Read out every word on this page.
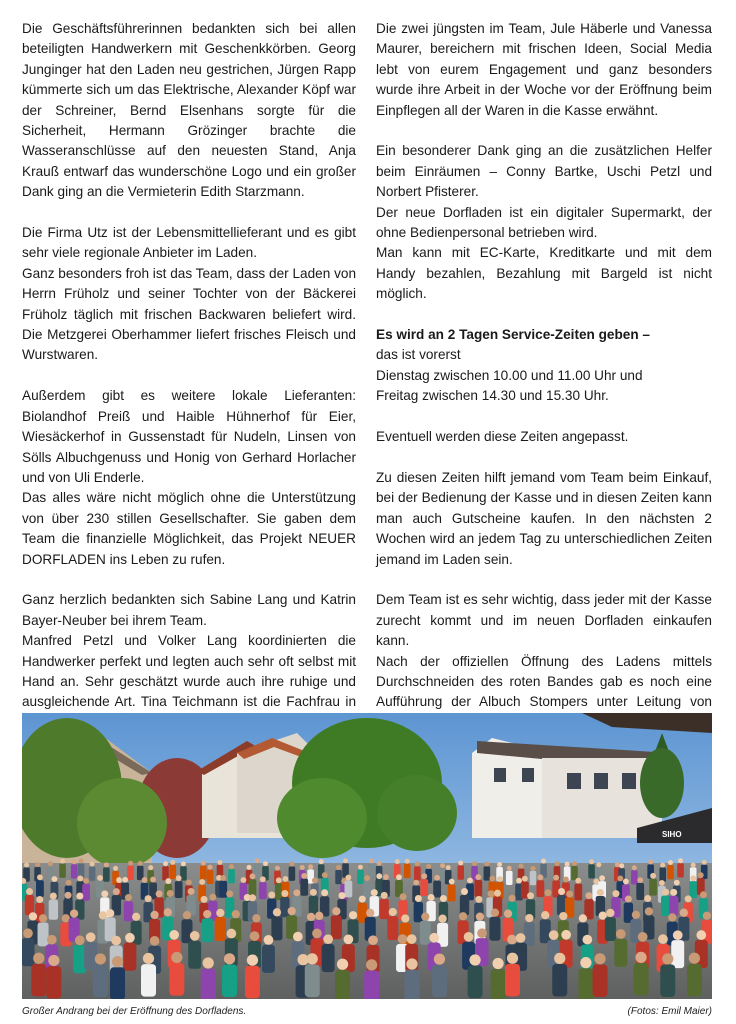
Die Geschäftsführerinnen bedankten sich bei allen beteiligten Handwerkern mit Geschenkkörben. Georg Junginger hat den Laden neu gestrichen, Jürgen Rapp kümmerte sich um das Elektrische, Alexander Köpf war der Schreiner, Bernd Elsenhans sorgte für die Sicherheit, Hermann Grözinger brachte die Wasseranschlüsse auf den neuesten Stand, Anja Krauß entwarf das wunderschöne Logo und ein großer Dank ging an die Vermieterin Edith Starzmann.

Die Firma Utz ist der Lebensmittellieferant und es gibt sehr viele regionale Anbieter im Laden.

Ganz besonders froh ist das Team, dass der Laden von Herrn Früholz und seiner Tochter von der Bäckerei Früholz täglich mit frischen Backwaren beliefert wird. Die Metzgerei Oberhammer liefert frisches Fleisch und Wurstwaren.

Außerdem gibt es weitere lokale Lieferanten: Biolandhof Preiß und Haible Hühnerhof für Eier, Wiesäckerhof in Gussenstadt für Nudeln, Linsen von Sölls Albuchgenuss und Honig von Gerhard Horlacher und von Uli Enderle.

Das alles wäre nicht möglich ohne die Unterstützung von über 230 stillen Gesellschafter. Sie gaben dem Team die finanzielle Möglichkeit, das Projekt NEUER DORFLADEN ins Leben zu rufen.

Ganz herzlich bedankten sich Sabine Lang und Katrin Bayer-Neuber bei ihrem Team.

Manfred Petzl und Volker Lang koordinierten die Handwerker perfekt und legten auch sehr oft selbst mit Hand an. Sehr geschätzt wurde auch ihre ruhige und ausgleichende Art. Tina Teichmann ist die Fachfrau in

Die zwei jüngsten im Team, Jule Häberle und Vanessa Maurer, bereichern mit frischen Ideen, Social Media lebt von eurem Engagement und ganz besonders wurde ihre Arbeit in der Woche vor der Eröffnung beim Einpflegen all der Waren in die Kasse erwähnt.

Ein besonderer Dank ging an die zusätzlichen Helfer beim Einräumen – Conny Bartke, Uschi Petzl und Norbert Pfisterer.

Der neue Dorfladen ist ein digitaler Supermarkt, der ohne Bedienpersonal betrieben wird.

Man kann mit EC-Karte, Kreditkarte und mit dem Handy bezahlen, Bezahlung mit Bargeld ist nicht möglich.

Es wird an 2 Tagen Service-Zeiten geben –
das ist vorerst
Dienstag zwischen 10.00 und 11.00 Uhr und
Freitag zwischen 14.30 und 15.30 Uhr.

Eventuell werden diese Zeiten angepasst.

Zu diesen Zeiten hilft jemand vom Team beim Einkauf, bei der Bedienung der Kasse und in diesen Zeiten kann man auch Gutscheine kaufen. In den nächsten 2 Wochen wird an jedem Tag zu unterschiedlichen Zeiten jemand im Laden sein.

Dem Team ist es sehr wichtig, dass jeder mit der Kasse zurecht kommt und im neuen Dorfladen einkaufen kann.

Nach der offiziellen Öffnung des Ladens mittels Durchschneiden des roten Bandes gab es noch eine Aufführung der Albuch Stompers unter Leitung von

SIHO
Großer Andrang bei der Eröffnung des Dorfladens.	(Fotos: Emil Maier)
